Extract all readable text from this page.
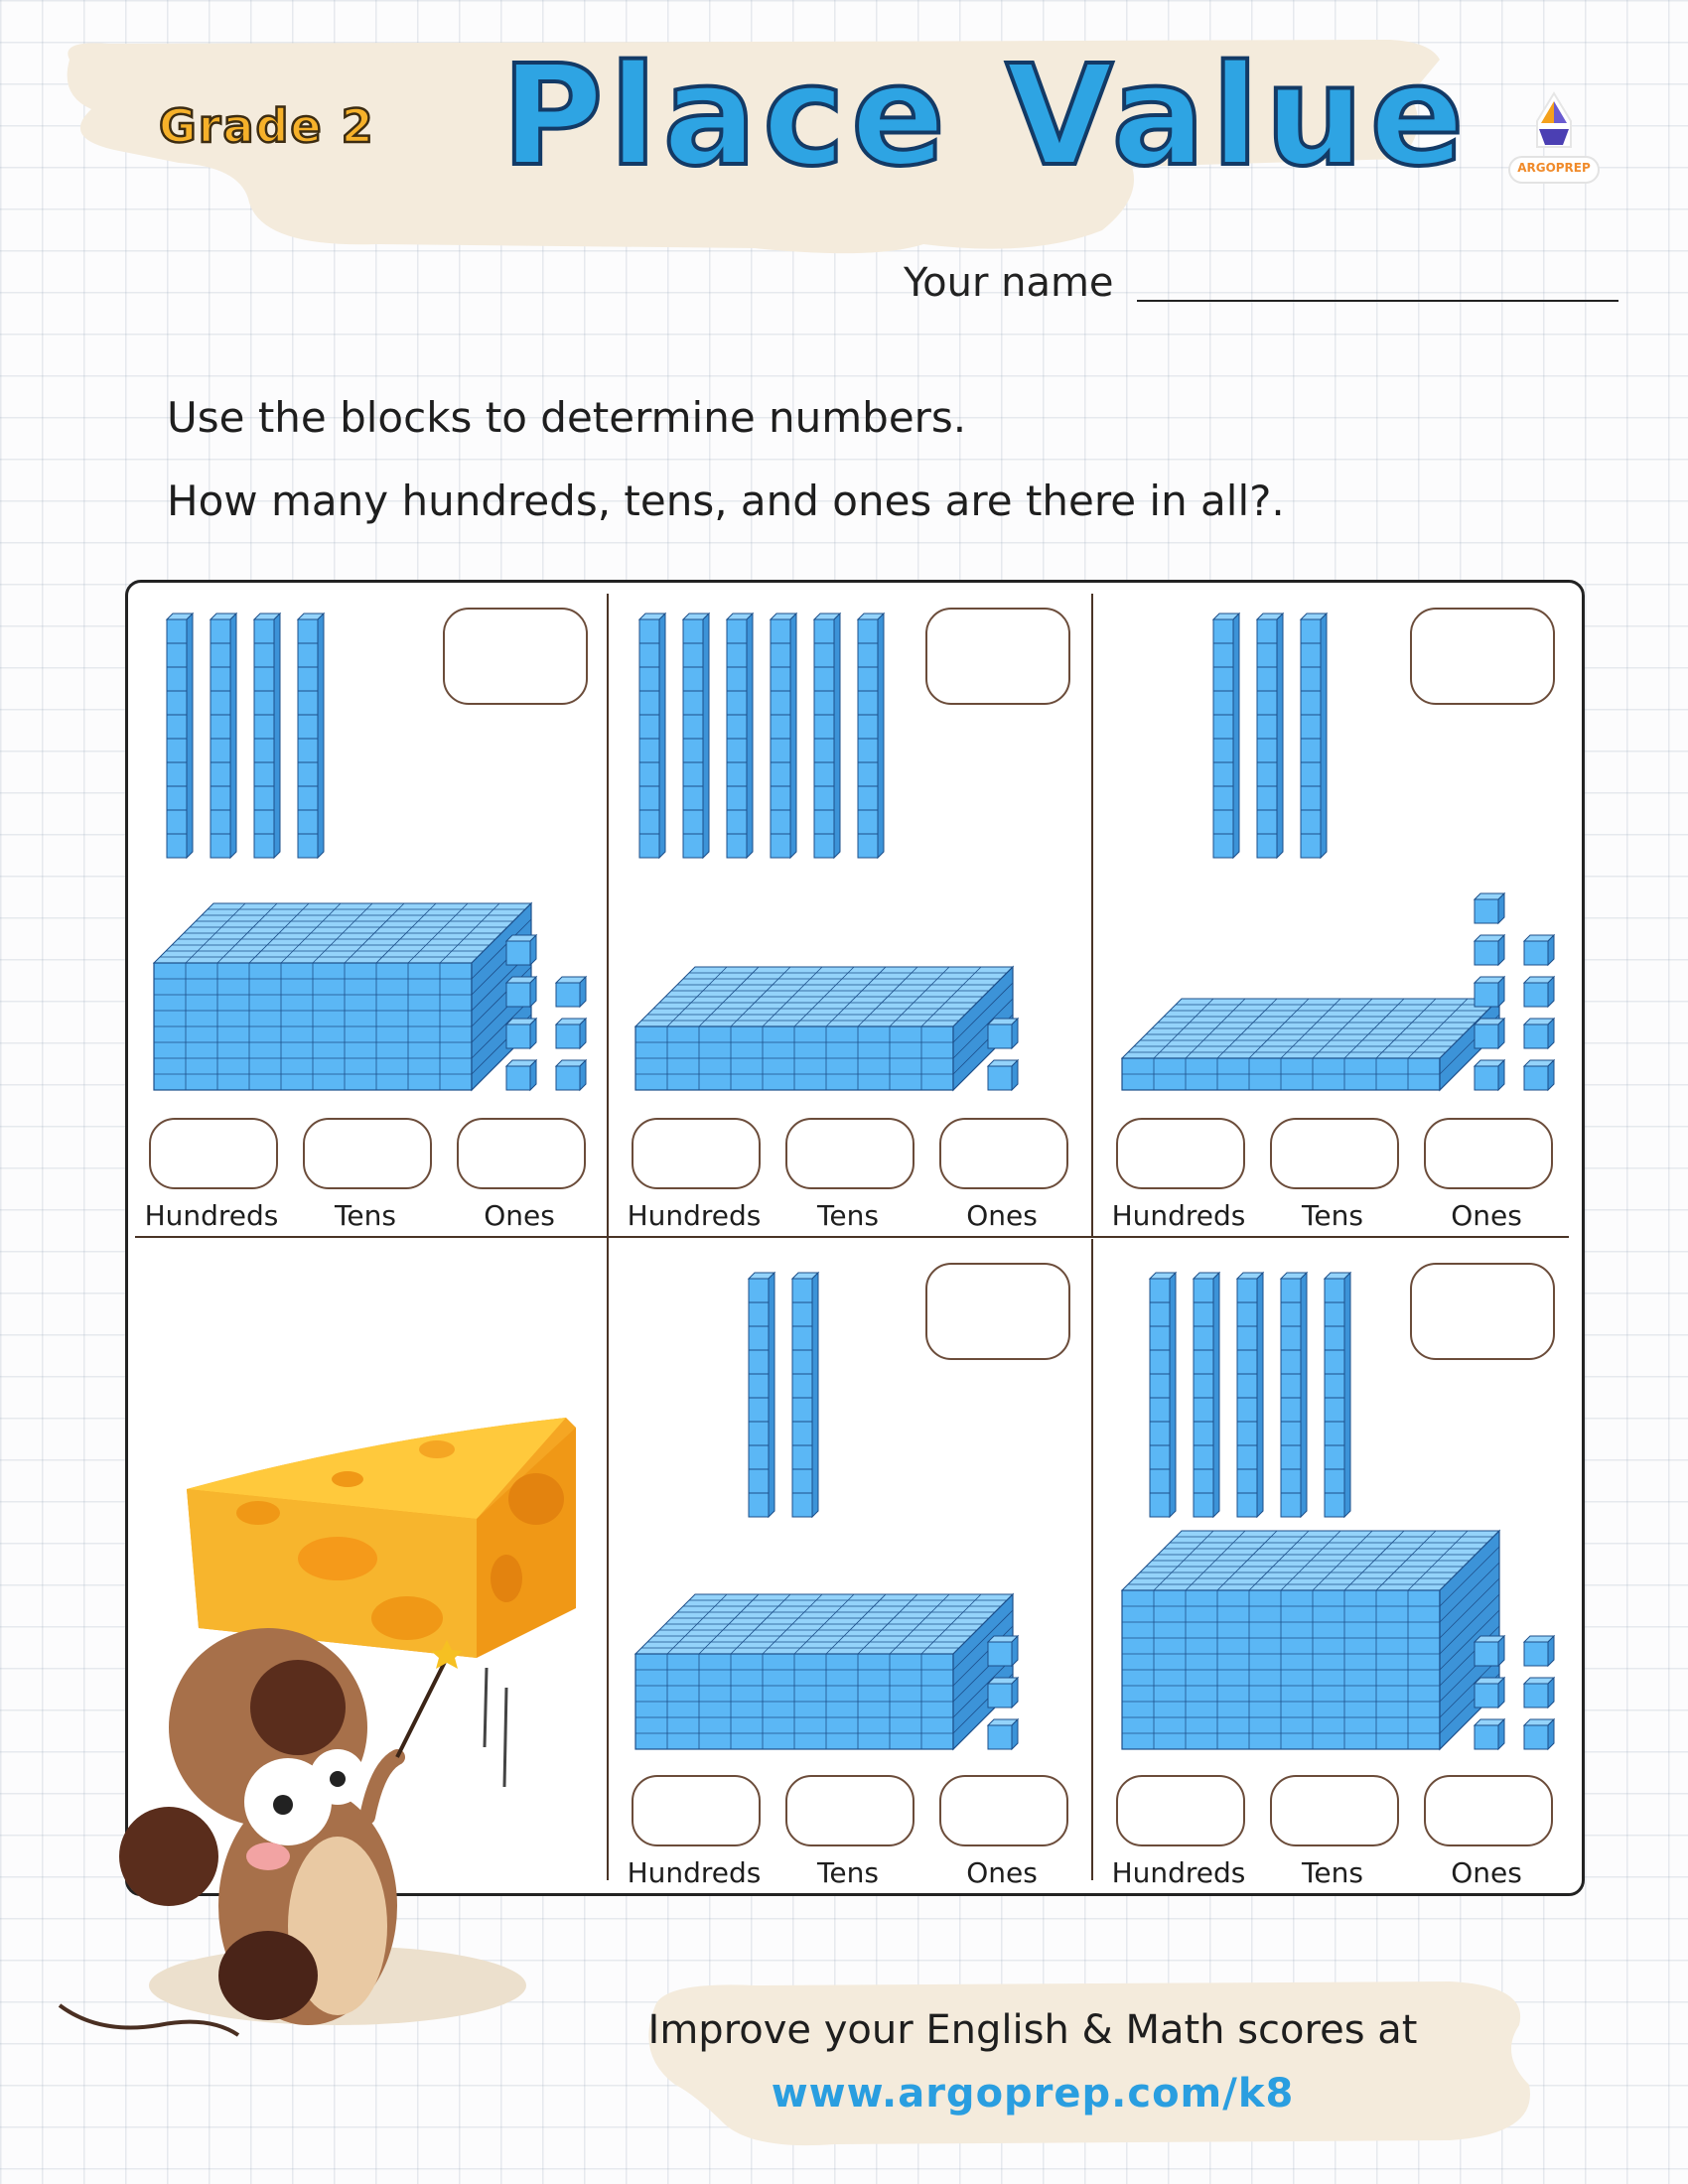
Grade 2 Place Value	ARGOPREP
Your name
Use the blocks to determine numbers.
How many hundreds, tens, and ones are there in all?.
Hundreds	Tens	Ones	Hundreds	Tens	Ones	Hundreds	Tens	Ones
Hundreds	Tens	Ones	Hundreds	Tens	Ones
Improve your English & Math scores at
www.argoprep.com/k8
